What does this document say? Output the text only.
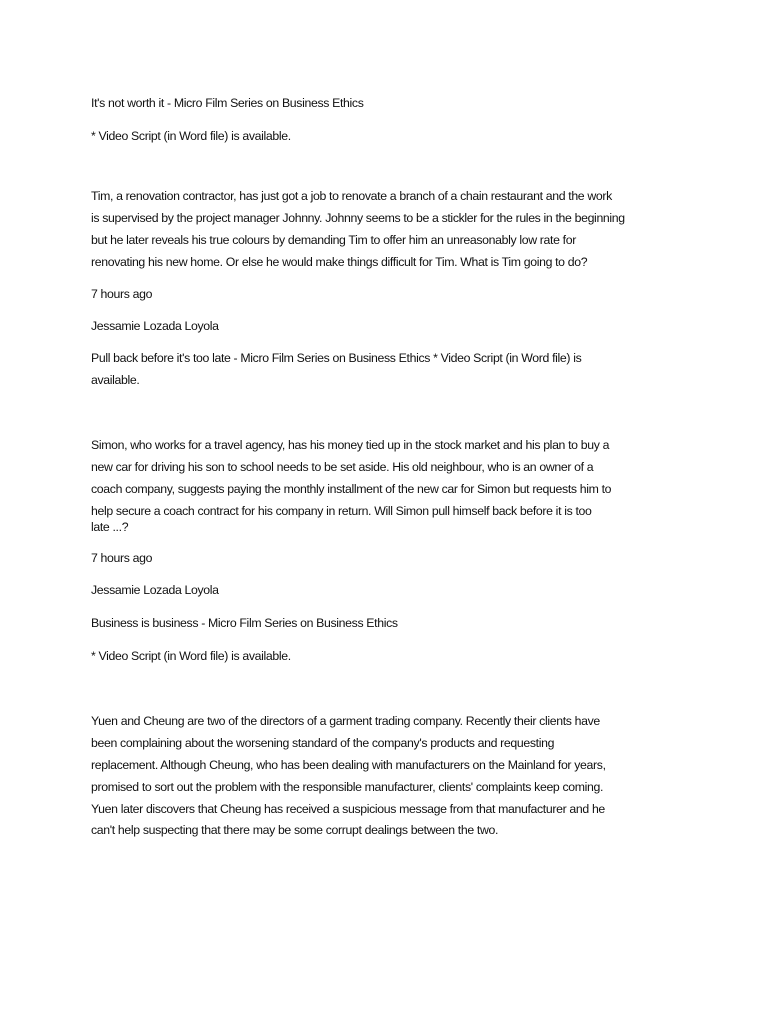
It's not worth it - Micro Film Series on Business Ethics
* Video Script (in Word file) is available.
Tim, a renovation contractor, has just got a job to renovate a branch of a chain restaurant and the work
is supervised by the project manager Johnny. Johnny seems to be a stickler for the rules in the beginning
but he later reveals his true colours by demanding Tim to offer him an unreasonably low rate for
renovating his new home. Or else he would make things difficult for Tim. What is Tim going to do?
7 hours ago
Jessamie Lozada Loyola
Pull back before it's too late - Micro Film Series on Business Ethics * Video Script (in Word file) is
available.
Simon, who works for a travel agency, has his money tied up in the stock market and his plan to buy a
new car for driving his son to school needs to be set aside. His old neighbour, who is an owner of a
coach company, suggests paying the monthly installment of the new car for Simon but requests him to
help secure a coach contract for his company in return. Will Simon pull himself back before it is too
late ...?
7 hours ago
Jessamie Lozada Loyola
Business is business - Micro Film Series on Business Ethics
* Video Script (in Word file) is available.
Yuen and Cheung are two of the directors of a garment trading company. Recently their clients have
been complaining about the worsening standard of the company's products and requesting
replacement. Although Cheung, who has been dealing with manufacturers on the Mainland for years,
promised to sort out the problem with the responsible manufacturer, clients' complaints keep coming.
Yuen later discovers that Cheung has received a suspicious message from that manufacturer and he
can't help suspecting that there may be some corrupt dealings between the two.
